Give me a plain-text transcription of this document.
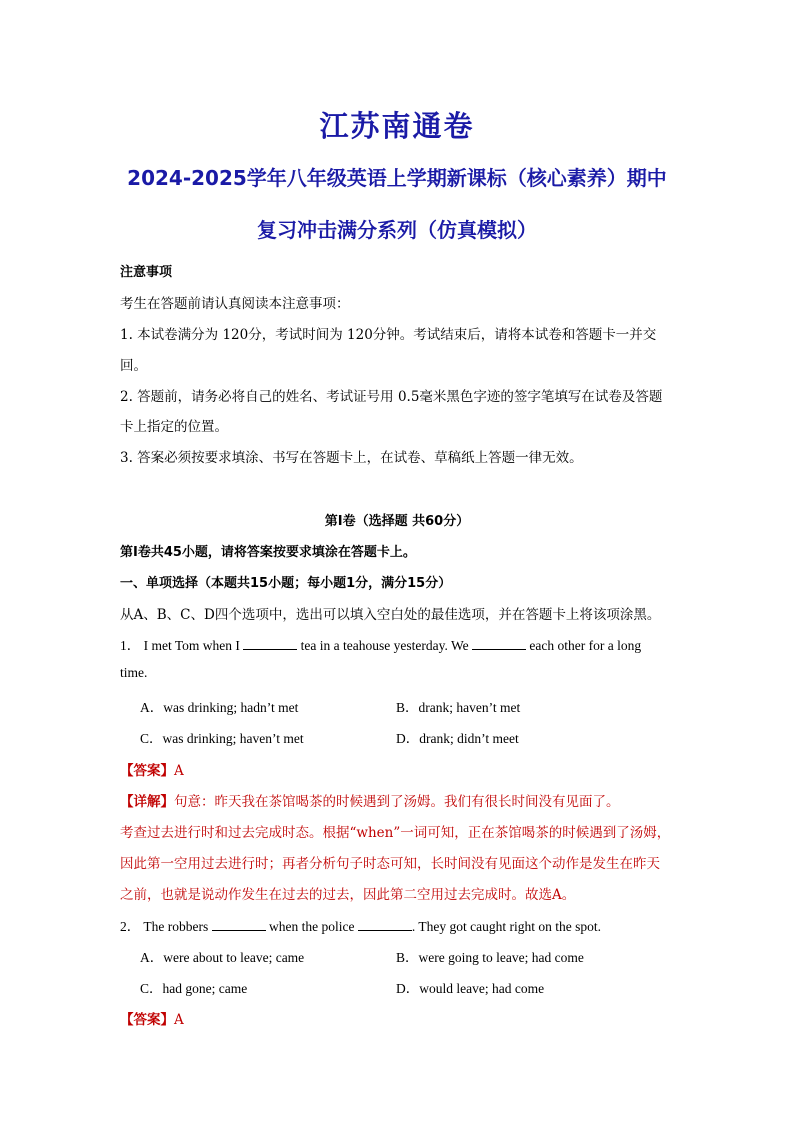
江苏南通卷
2024-2025学年八年级英语上学期新课标（核心素养）期中
复习冲击满分系列（仿真模拟）
注意事项
考生在答题前请认真阅读本注意事项：
1. 本试卷满分为 120分，考试时间为 120分钟。考试结束后，请将本试卷和答题卡一并交
回。
2. 答题前，请务必将自己的姓名、考试证号用 0.5毫米黑色字迹的签字笔填写在试卷及答题
卡上指定的位置。
3. 答案必须按要求填涂、书写在答题卡上，在试卷、草稿纸上答题一律无效。
第Ⅰ卷（选择题 共60分）
第Ⅰ卷共45小题，请将答案按要求填涂在答题卡上。
一、单项选择（本题共15小题；每小题1分，满分15分）
从A、B、C、D四个选项中，选出可以填入空白处的最佳选项，并在答题卡上将该项涂黑。
1． I met Tom when I	tea in a teahouse yesterday. We	each other for a long
time.
A．was drinking; hadn’t met	B．drank; haven’t met
C．was drinking; haven’t met	D．drank; didn’t meet
【答案】A
【详解】句意：昨天我在茶馆喝茶的时候遇到了汤姆。我们有很长时间没有见面了。
考查过去进行时和过去完成时态。根据“when”一词可知，正在茶馆喝茶的时候遇到了汤姆，
因此第一空用过去进行时；再者分析句子时态可知，长时间没有见面这个动作是发生在昨天
之前，也就是说动作发生在过去的过去，因此第二空用过去完成时。故选A。
2． The robbers	when the police	. They got caught right on the spot.
A．were about to leave; came	B．were going to leave; had come
C．had gone; came	D．would leave; had come
【答案】A
